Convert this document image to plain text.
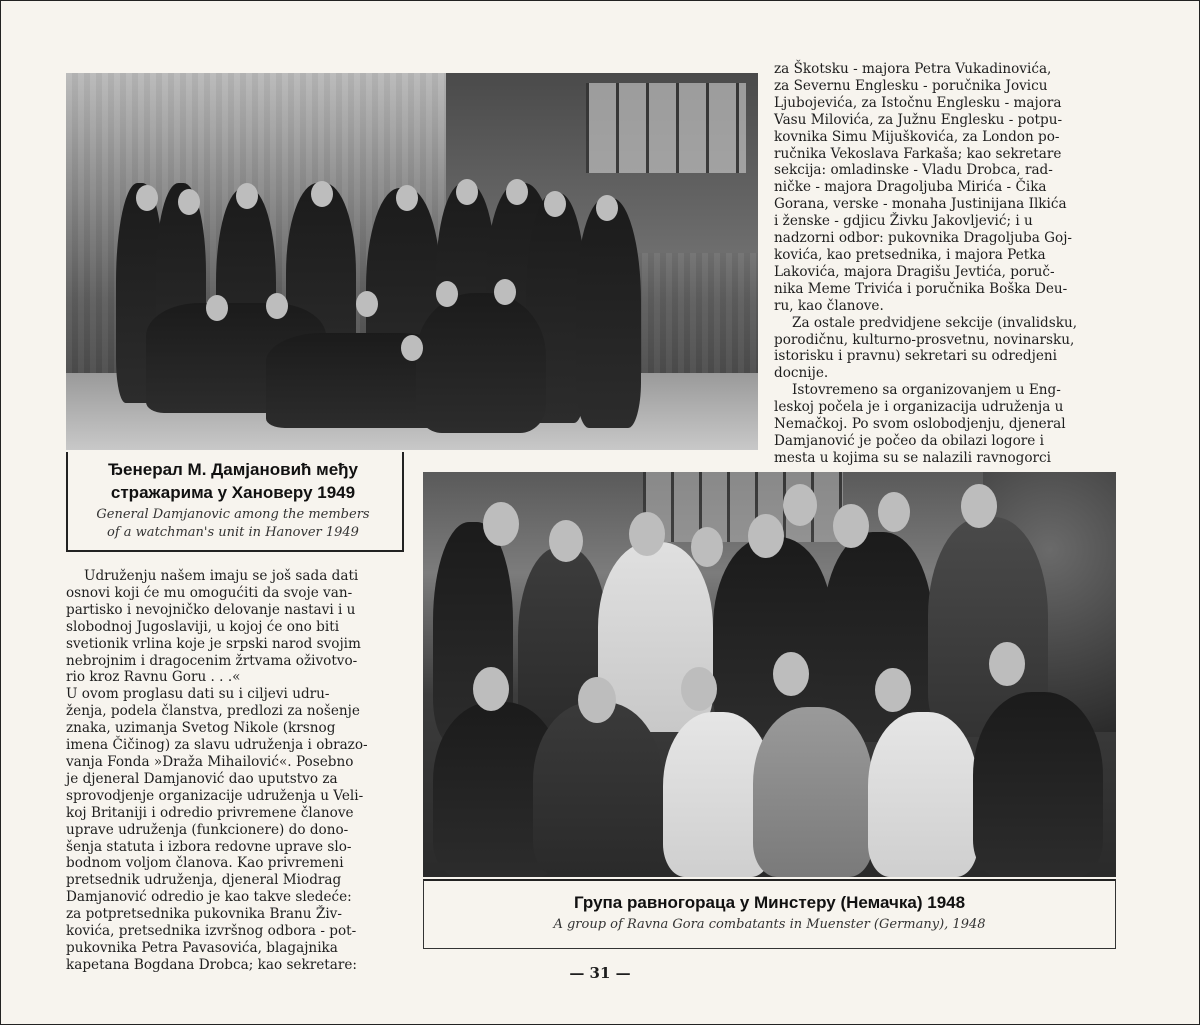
Ђенерал М. Дамјановић међу
стражарима у Хановеру 1949
General Damjanovic among the members
of a watchman's unit in Hanover 1949
za Škotsku - majora Petra Vukadinovića,
za Severnu Englesku - poručnika Jovicu
Ljubojevića, za Istočnu Englesku - majora
Vasu Milovića, za Južnu Englesku - potpu-
kovnika Simu Mijuškovića, za London po-
ručnika Vekoslava Farkaša; kao sekretare
sekcija: omladinske - Vladu Drobca, rad-
ničke - majora Dragoljuba Mirića - Čika
Gorana, verske - monaha Justinijana Ilkića
i ženske - gdjicu Živku Jakovljević; i u
nadzorni odbor: pukovnika Dragoljuba Goj-
kovića, kao pretsednika, i majora Petka
Lakovića, majora Dragišu Jevtića, poruč-
nika Meme Trivića i poručnika Boška Deu-
ru, kao članove.
Za ostale predvidjene sekcije (invalidsku,
porodičnu, kulturno-prosvetnu, novinarsku,
istorisku i pravnu) sekretari su odredjeni
docnije.
Istovremeno sa organizovanjem u Eng-
leskoj počela je i organizacija udruženja u
Nemačkoj. Po svom oslobodjenju, djeneral
Damjanović je počeo da obilazi logore i
mesta u kojima su se nalazili ravnogorci
Udruženju našem imaju se još sada dati
osnovi koji će mu omogućiti da svoje van-
partisko i nevojničko delovanje nastavi i u
slobodnoj Jugoslaviji, u kojoj će ono biti
svetionik vrlina koje je srpski narod svojim
nebrojnim i dragocenim žrtvama oživotvo-
rio kroz Ravnu Goru . . .«
U ovom proglasu dati su i ciljevi udru-
ženja, podela članstva, predlozi za nošenje
znaka, uzimanja Svetog Nikole (krsnog
imena Čičinog) za slavu udruženja i obrazo-
vanja Fonda »Draža Mihailović«. Posebno
je djeneral Damjanović dao uputstvo za
sprovodjenje organizacije udruženja u Veli-
koj Britaniji i odredio privremene članove
uprave udruženja (funkcionere) do dono-
šenja statuta i izbora redovne uprave slo-
bodnom voljom članova. Kao privremeni
pretsednik udruženja, djeneral Miodrag
Damjanović odredio je kao takve sledeće:
za potpretsednika pukovnika Branu Živ-
kovića, pretsednika izvršnog odbora - pot-
pukovnika Petra Pavasovića, blagajnika
kapetana Bogdana Drobca; kao sekretare:
Група равногораца у Минстеру (Немачка) 1948
A group of Ravna Gora combatants in Muenster (Germany), 1948
— 31 —
